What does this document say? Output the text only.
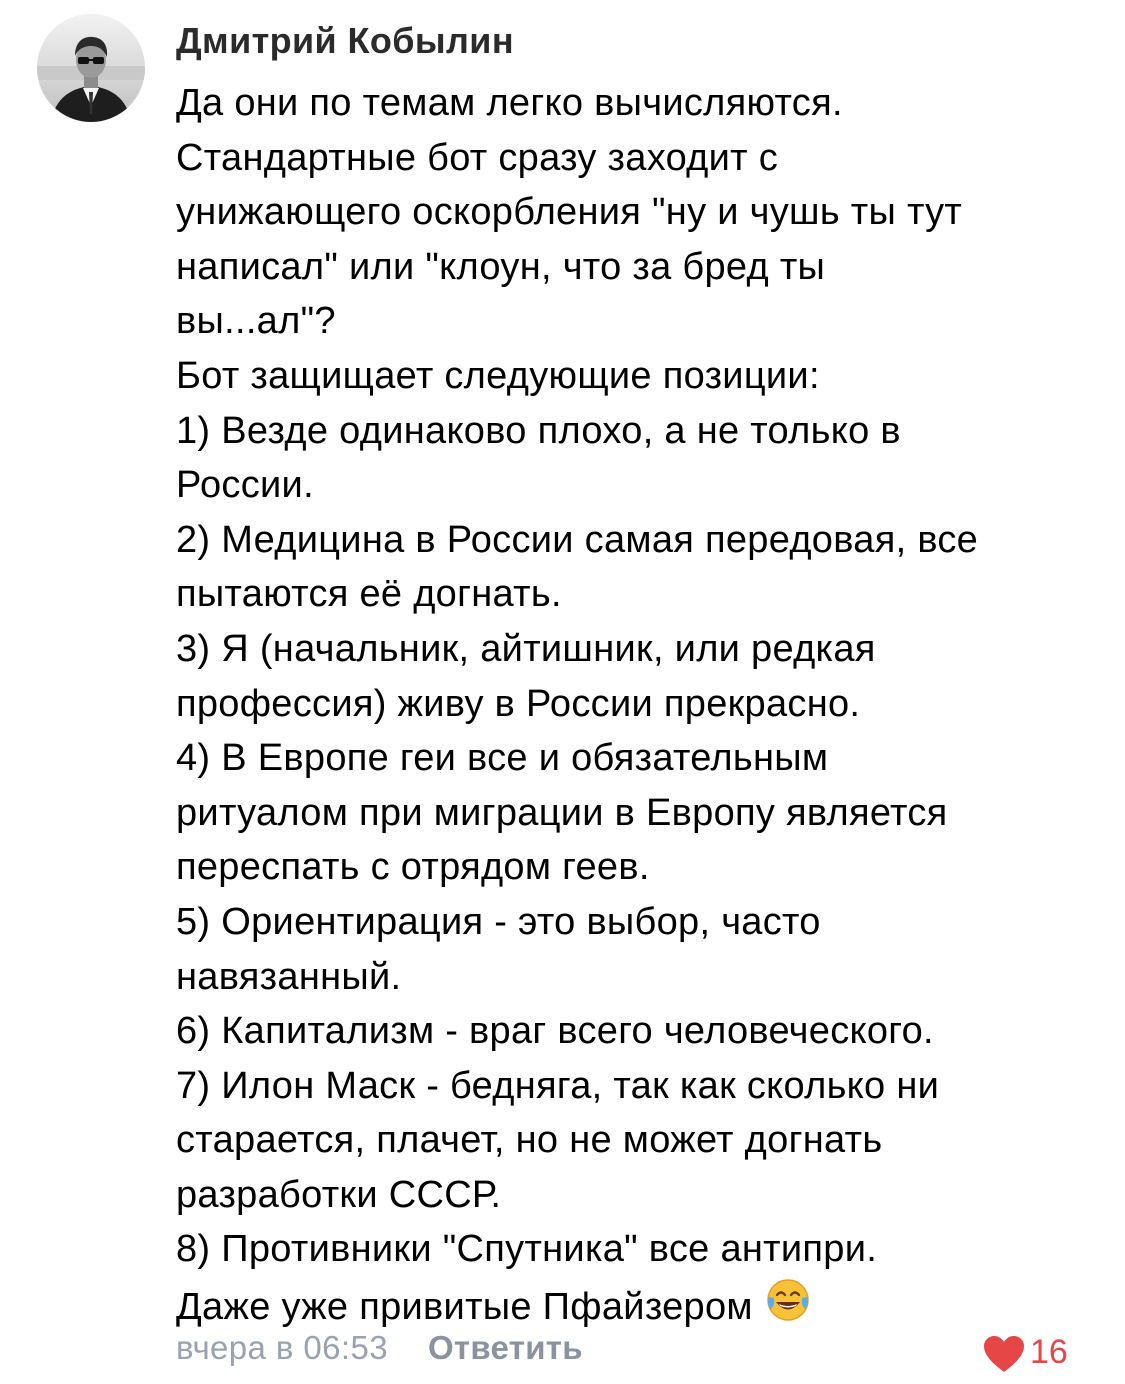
Дмитрий Кобылин
Да они по темам легко вычисляются.
Стандартные бот сразу заходит с
унижающего оскорбления "ну и чушь ты тут
написал" или "клоун, что за бред ты
вы...ал"?
Бот защищает следующие позиции:
1) Везде одинаково плохо, а не только в
России.
2) Медицина в России самая передовая, все
пытаются её догнать.
3) Я (начальник, айтишник, или редкая
профессия) живу в России прекрасно.
4) В Европе геи все и обязательным
ритуалом при миграции в Европу является
переспать с отрядом геев.
5) Ориентирация - это выбор, часто
навязанный.
6) Капитализм - враг всего человеческого.
7) Илон Маск - бедняга, так как сколько ни
старается, плачет, но не может догнать
разработки СССР.
8) Противники "Спутника" все антипри.
Даже уже привитые Пфайзером
вчера в 06:53 Ответить	16
